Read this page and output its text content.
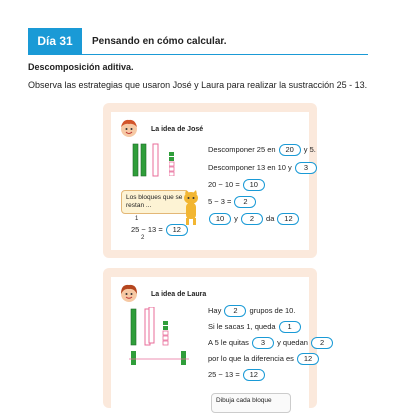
Día 31	Pensando en cómo calcular.
Descomposición aditiva.
Observa las estrategias que usaron José y Laura para realizar la sustracción 25 - 13.
La idea de José
Los bloques que se restan ...
1
25 − 13 = 12
2
Descomponer 25 en 20 y 5.
Descomponer 13 en 10 y 3
20 − 10 = 10
5 − 3 = 2
10 y 2 da 12
La idea de Laura
Hay 2 grupos de 10.
Si le sacas 1, queda 1
A 5 le quitas 3 y quedan 2
por lo que la diferencia es 12
25 − 13 = 12
Dibuja cada bloque
